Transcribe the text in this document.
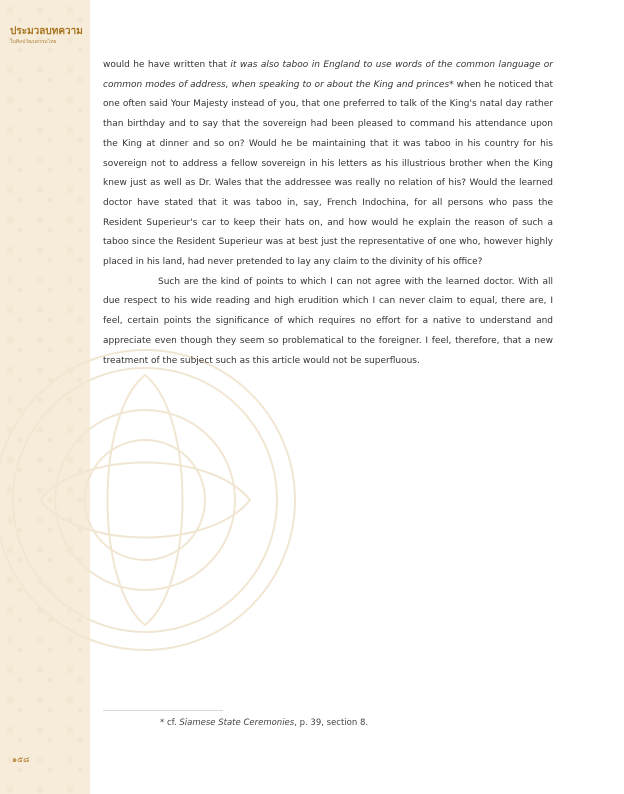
ประมวลบทความ
ในศิลปวัฒนธรรมไทย
๑๕๘

would he have written that it was also taboo in England to use words of the common language or common modes of address, when speaking to or about the King and princes* when he noticed that one often said Your Majesty instead of you, that one preferred to talk of the King's natal day rather than birthday and to say that the sovereign had been pleased to command his attendance upon the King at dinner and so on? Would he be maintaining that it was taboo in his country for his sovereign not to address a fellow sovereign in his letters as his illustrious brother when the King knew just as well as Dr. Wales that the addressee was really no relation of his? Would the learned doctor have stated that it was taboo in, say, French Indochina, for all persons who pass the Resident Superieur's car to keep their hats on, and how would he explain the reason of such a taboo since the Resident Superieur was at best just the representative of one who, however highly placed in his land, had never pretended to lay any claim to the divinity of his office?

Such are the kind of points to which I can not agree with the learned doctor. With all due respect to his wide reading and high erudition which I can never claim to equal, there are, I feel, certain points the significance of which requires no effort for a native to understand and appreciate even though they seem so problematical to the foreigner. I feel, therefore, that a new treatment of the subject such as this article would not be superfluous.

* cf. Siamese State Ceremonies, p. 39, section 8.
